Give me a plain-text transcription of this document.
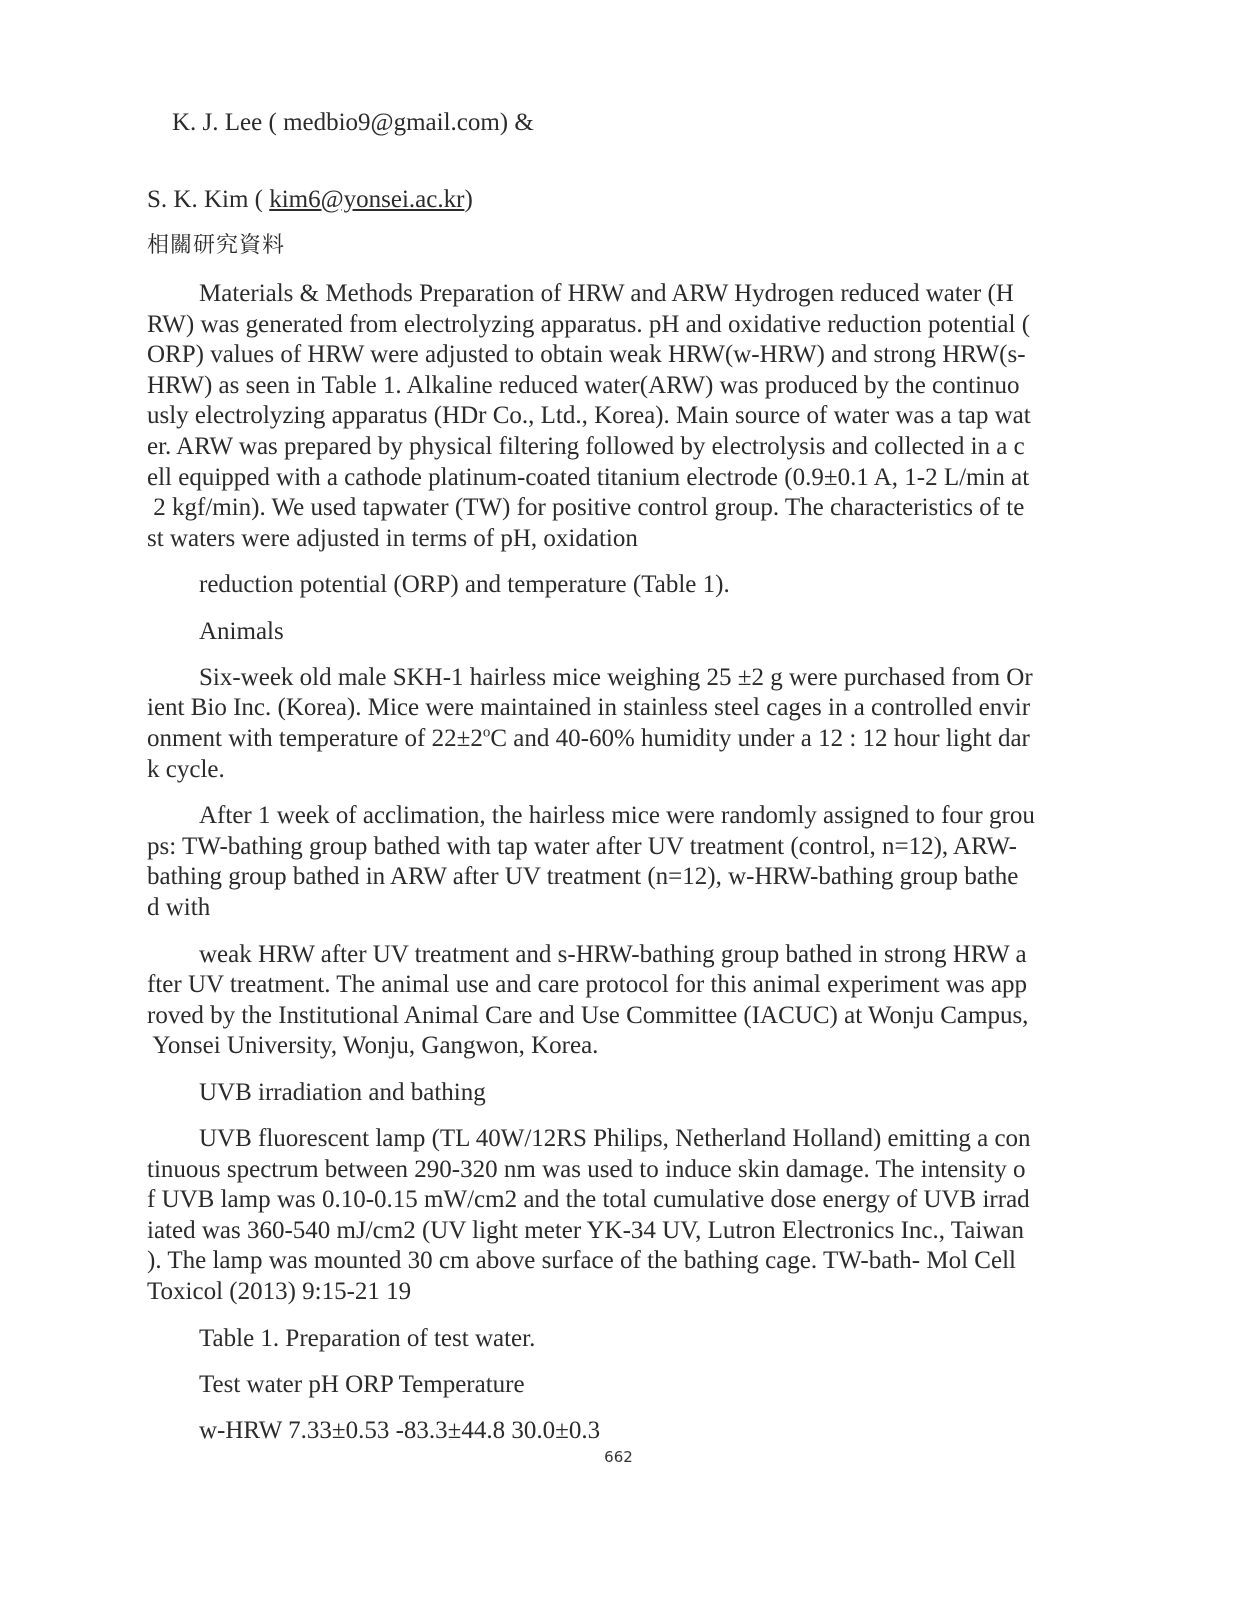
K. J. Lee ( medbio9@gmail.com) &

S. K. Kim ( kim6@yonsei.ac.kr)
相關研究資料
Materials & Methods Preparation of HRW and ARW Hydrogen reduced water (H
RW) was generated from electrolyzing apparatus. pH and oxidative reduction potential (
ORP) values of HRW were adjusted to obtain weak HRW(w-HRW) and strong HRW(s-
HRW) as seen in Table 1. Alkaline reduced water(ARW) was produced by the continuo
usly electrolyzing apparatus (HDr Co., Ltd., Korea). Main source of water was a tap wat
er. ARW was prepared by physical filtering followed by electrolysis and collected in a c
ell equipped with a cathode platinum-coated titanium electrode (0.9±0.1 A, 1-2 L/min at
2 kgf/min). We used tapwater (TW) for positive control group. The characteristics of te
st waters were adjusted in terms of pH, oxidation
reduction potential (ORP) and temperature (Table 1).
Animals
Six-week old male SKH-1 hairless mice weighing 25 ±2 g were purchased from Or
ient Bio Inc. (Korea). Mice were maintained in stainless steel cages in a controlled envir
onment with temperature of $22\pm 2^oC$ and 40-60% humidity under a 12 : 12 hour light dar
k cycle.
After 1 week of acclimation, the hairless mice were randomly assigned to four grou
ps: TW-bathing group bathed with tap water after UV treatment (control, n=12), ARW-
bathing group bathed in ARW after UV treatment (n=12), w-HRW-bathing group bathe
d with
weak HRW after UV treatment and s-HRW-bathing group bathed in strong HRW a
fter UV treatment. The animal use and care protocol for this animal experiment was app
roved by the Institutional Animal Care and Use Committee (IACUC) at Wonju Campus,
Yonsei University, Wonju, Gangwon, Korea.
UVB irradiation and bathing
UVB fluorescent lamp (TL 40W/12RS Philips, Netherland Holland) emitting a con
tinuous spectrum between 290-320 nm was used to induce skin damage. The intensity o
f UVB lamp was 0.10-0.15 mW/cm2 and the total cumulative dose energy of UVB irrad
iated was 360-540 mJ/cm2 (UV light meter YK-34 UV, Lutron Electronics Inc., Taiwan
). The lamp was mounted 30 cm above surface of the bathing cage. TW-bath- Mol Cell
Toxicol (2013) 9:15-21 19
Table 1. Preparation of test water.
Test water pH ORP Temperature
w-HRW 7.33±0.53 -83.3±44.8 30.0±0.3
662
